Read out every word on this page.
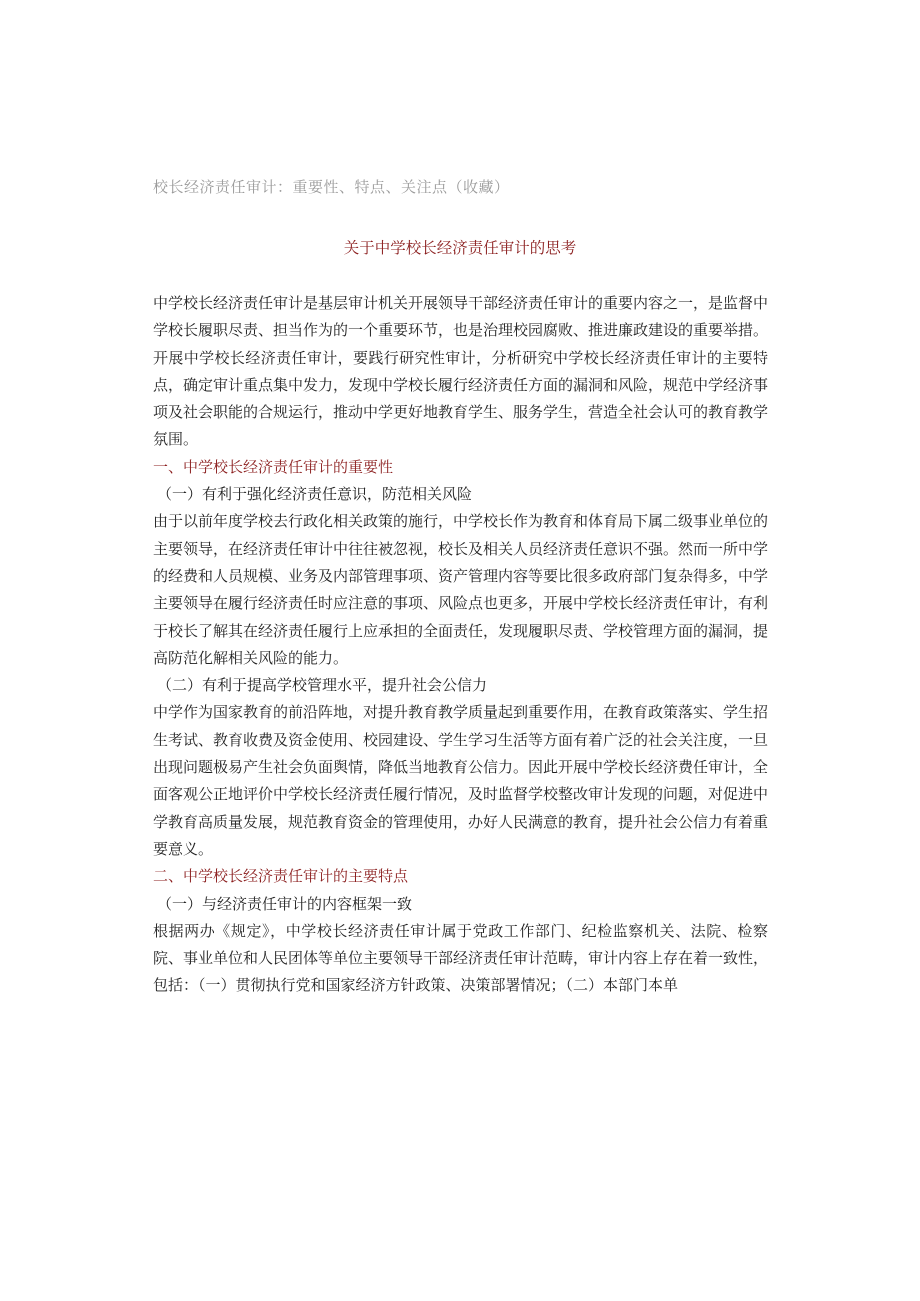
校长经济责任审计：重要性、特点、关注点（收藏）
关于中学校长经济责任审计的思考

中学校长经济责任审计是基层审计机关开展领导干部经济责任审计的重要内容之一，是监督中学校长履职尽责、担当作为的一个重要环节，也是治理校园腐败、推进廉政建设的重要举措。开展中学校长经济责任审计，要践行研究性审计，分析研究中学校长经济责任审计的主要特点，确定审计重点集中发力，发现中学校长履行经济责任方面的漏洞和风险，规范中学经济事项及社会职能的合规运行，推动中学更好地教育学生、服务学生，营造全社会认可的教育教学氛围。

一、中学校长经济责任审计的重要性

（一）有利于强化经济责任意识，防范相关风险

由于以前年度学校去行政化相关政策的施行，中学校长作为教育和体育局下属二级事业单位的主要领导，在经济责任审计中往往被忽视，校长及相关人员经济责任意识不强。然而一所中学的经费和人员规模、业务及内部管理事项、资产管理内容等要比很多政府部门复杂得多，中学主要领导在履行经济责任时应注意的事项、风险点也更多，开展中学校长经济责任审计，有利于校长了解其在经济责任履行上应承担的全面责任，发现履职尽责、学校管理方面的漏洞，提高防范化解相关风险的能力。

（二）有利于提高学校管理水平，提升社会公信力

中学作为国家教育的前沿阵地，对提升教育教学质量起到重要作用，在教育政策落实、学生招生考试、教育收费及资金使用、校园建设、学生学习生活等方面有着广泛的社会关注度，一旦出现问题极易产生社会负面舆情，降低当地教育公信力。因此开展中学校长经济费任审计，全面客观公正地评价中学校长经济责任履行情况，及时监督学校整改审计发现的问题，对促进中学教育高质量发展，规范教育资金的管理使用，办好人民满意的教育，提升社会公信力有着重要意义。

二、中学校长经济责任审计的主要特点

（一）与经济责任审计的内容框架一致

根据两办《规定》，中学校长经济责任审计属于党政工作部门、纪检监察机关、法院、检察院、事业单位和人民团体等单位主要领导干部经济责任审计范畴，审计内容上存在着一致性，包括：（一）贯彻执行党和国家经济方针政策、决策部署情况；（二）本部门本单
